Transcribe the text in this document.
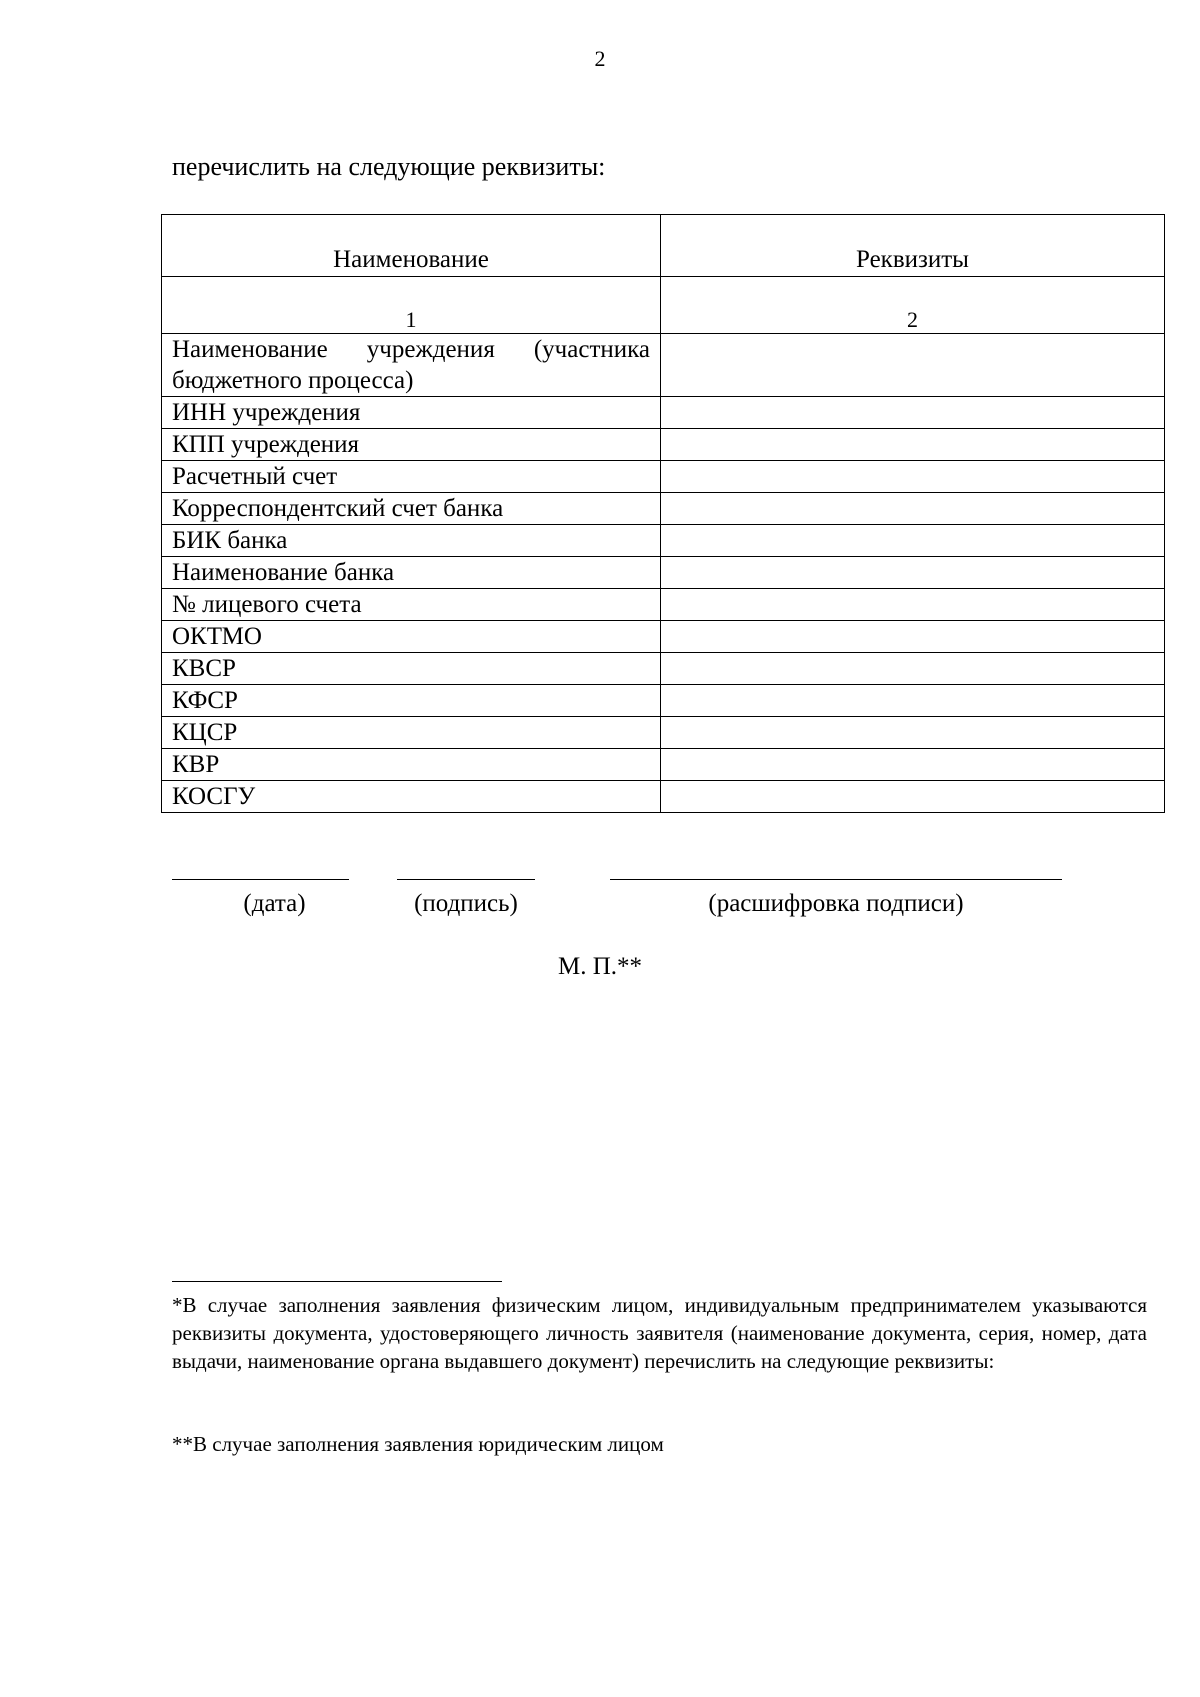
2
перечислить на следующие реквизиты:
Наименование	Реквизиты
1	2
Наименование учреждения (участника бюджетного процесса)	
ИНН учреждения	
КПП учреждения	
Расчетный счет	
Корреспондентский счет банка	
БИК банка	
Наименование банка	
№ лицевого счета	
ОКТМО	
КВСР	
КФСР	
КЦСР	
КВР	
КОСГУ	
(дата)	(подпись)	(расшифровка подписи)
М. П.**
*В случае заполнения заявления физическим лицом, индивидуальным предпринимателем указываются реквизиты документа, удостоверяющего личность заявителя (наименование документа, серия, номер, дата выдачи, наименование органа выдавшего документ) перечислить на следующие реквизиты:
**В случае заполнения заявления юридическим лицом
